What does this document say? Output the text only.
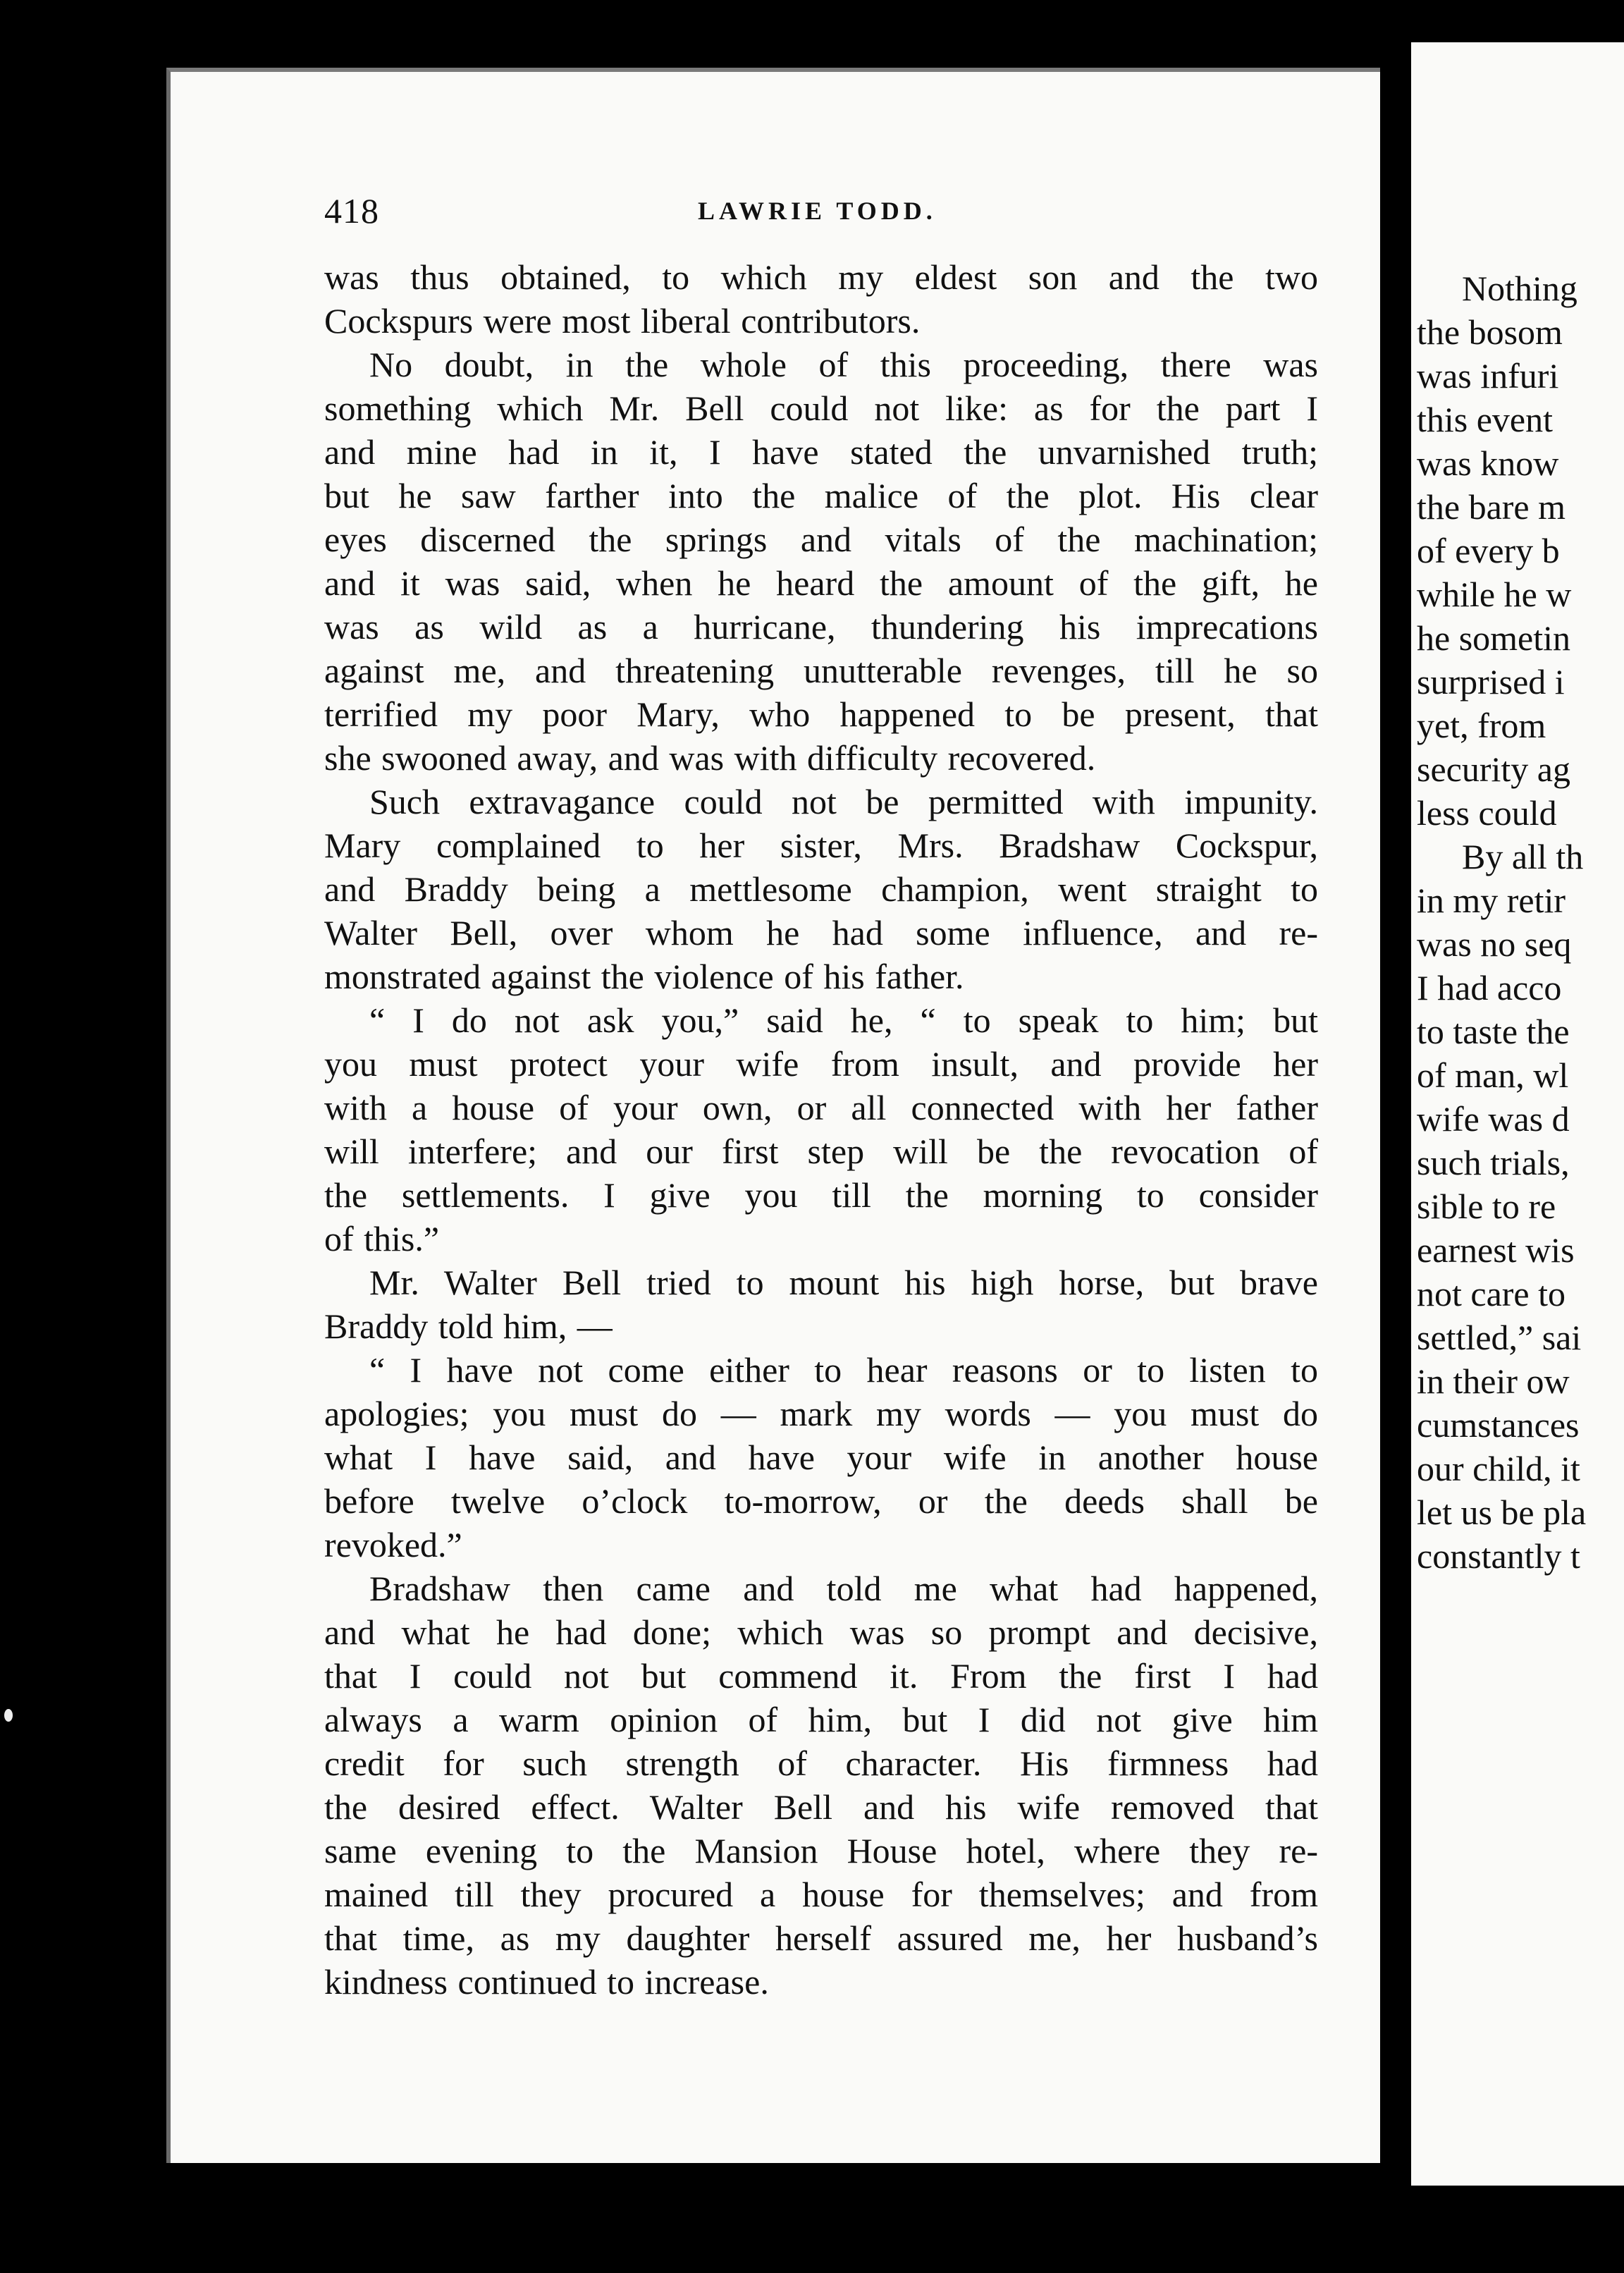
Nothing
the bosom
was infuri
this event
was know
the bare m
of every b
while he w
he sometin
surprised i
yet, from
security ag
less could
By all th
in my retir
was no seq
I had acco
to taste the
of man, wl
wife was d
such trials,
sible to re
earnest wis
not care to
settled,” sai
in their ow
cumstances
our child, it
let us be pla
constantly t
418	LAWRIE TODD.
was thus obtained, to which my eldest son and the two
Cockspurs were most liberal contributors.
No doubt, in the whole of this proceeding, there was
something which Mr. Bell could not like: as for the part I
and mine had in it, I have stated the unvarnished truth;
but he saw farther into the malice of the plot. His clear
eyes discerned the springs and vitals of the machination;
and it was said, when he heard the amount of the gift, he
was as wild as a hurricane, thundering his imprecations
against me, and threatening unutterable revenges, till he so
terrified my poor Mary, who happened to be present, that
she swooned away, and was with difficulty recovered.
Such extravagance could not be permitted with impunity.
Mary complained to her sister, Mrs. Bradshaw Cockspur,
and Braddy being a mettlesome champion, went straight to
Walter Bell, over whom he had some influence, and re-
monstrated against the violence of his father.
“ I do not ask you,” said he, “ to speak to him; but
you must protect your wife from insult, and provide her
with a house of your own, or all connected with her father
will interfere; and our first step will be the revocation of
the settlements. I give you till the morning to consider
of this.”
Mr. Walter Bell tried to mount his high horse, but brave
Braddy told him, —
“ I have not come either to hear reasons or to listen to
apologies; you must do — mark my words — you must do
what I have said, and have your wife in another house
before twelve o’clock to-morrow, or the deeds shall be
revoked.”
Bradshaw then came and told me what had happened,
and what he had done; which was so prompt and decisive,
that I could not but commend it. From the first I had
always a warm opinion of him, but I did not give him
credit for such strength of character. His firmness had
the desired effect. Walter Bell and his wife removed that
same evening to the Mansion House hotel, where they re-
mained till they procured a house for themselves; and from
that time, as my daughter herself assured me, her husband’s
kindness continued to increase.
